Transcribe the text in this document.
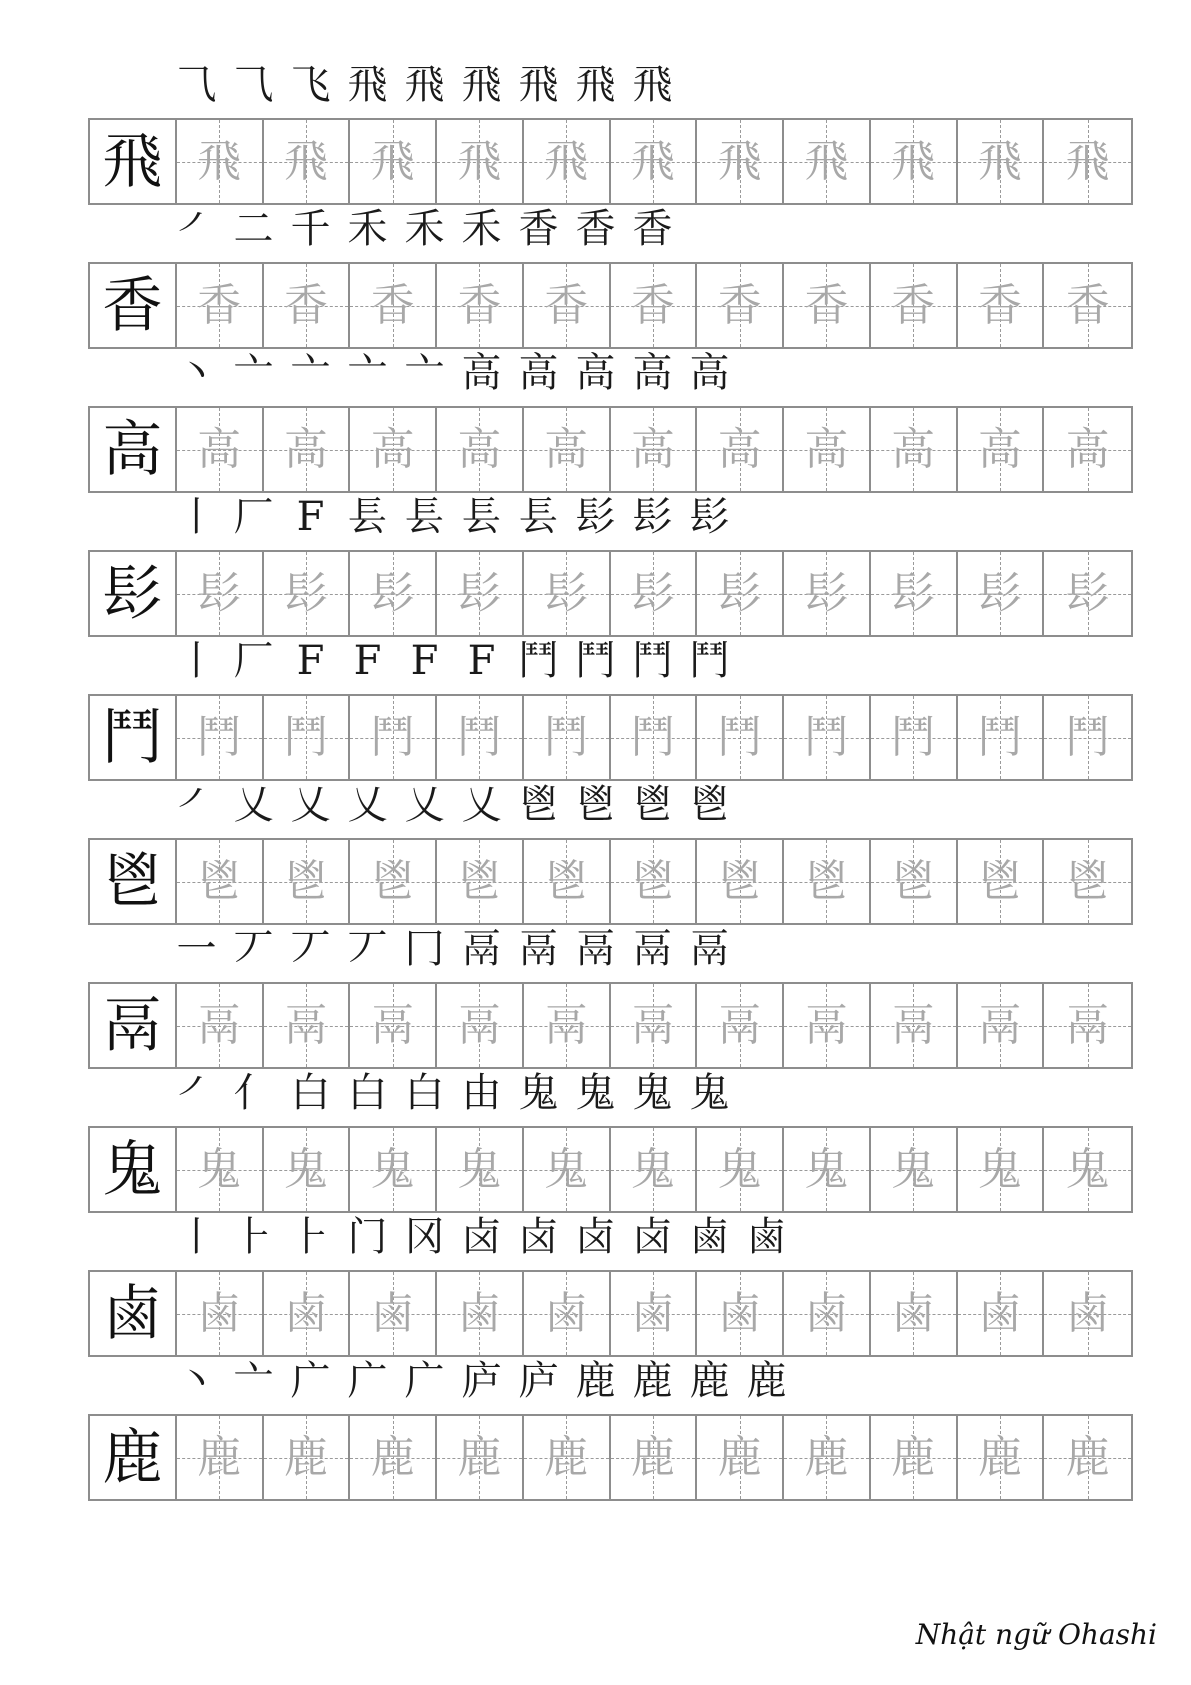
⺄ ⺄ 飞 飛 飛 飛 飛 飛 飛
飛 飛 飛 飛 飛 飛 飛 飛 飛 飛 飛 飛
㇒ 二 千 禾 禾 禾 香 香 香
香 香 香 香 香 香 香 香 香 香 香 香
丶 亠 亠 亠 亠 高 高 高 高 高
高 高 高 高 高 高 高 高 高 高 高 高
丨 厂 F 镸 镸 镸 镸 髟 髟 髟
髟 髟 髟 髟 髟 髟 髟 髟 髟 髟 髟 髟
丨 厂 F F F F 鬥 鬥 鬥 鬥
鬥 鬥 鬥 鬥 鬥 鬥 鬥 鬥 鬥 鬥 鬥 鬥
㇒ 乂 乂 乂 乂 乂 鬯 鬯 鬯 鬯
鬯 鬯 鬯 鬯 鬯 鬯 鬯 鬯 鬯 鬯 鬯 鬯
一 丆 丆 丆 冂 鬲 鬲 鬲 鬲 鬲
鬲 鬲 鬲 鬲 鬲 鬲 鬲 鬲 鬲 鬲 鬲 鬲
㇒ 亻 白 白 白 由 鬼 鬼 鬼 鬼
鬼 鬼 鬼 鬼 鬼 鬼 鬼 鬼 鬼 鬼 鬼 鬼
丨 ⺊ ⺊ 门 冈 卤 卤 卤 卤 鹵 鹵
鹵 鹵 鹵 鹵 鹵 鹵 鹵 鹵 鹵 鹵 鹵 鹵
丶 亠 广 广 广 庐 庐 鹿 鹿 鹿 鹿
鹿 鹿 鹿 鹿 鹿 鹿 鹿 鹿 鹿 鹿 鹿 鹿
Nhật ngữ Ohashi
